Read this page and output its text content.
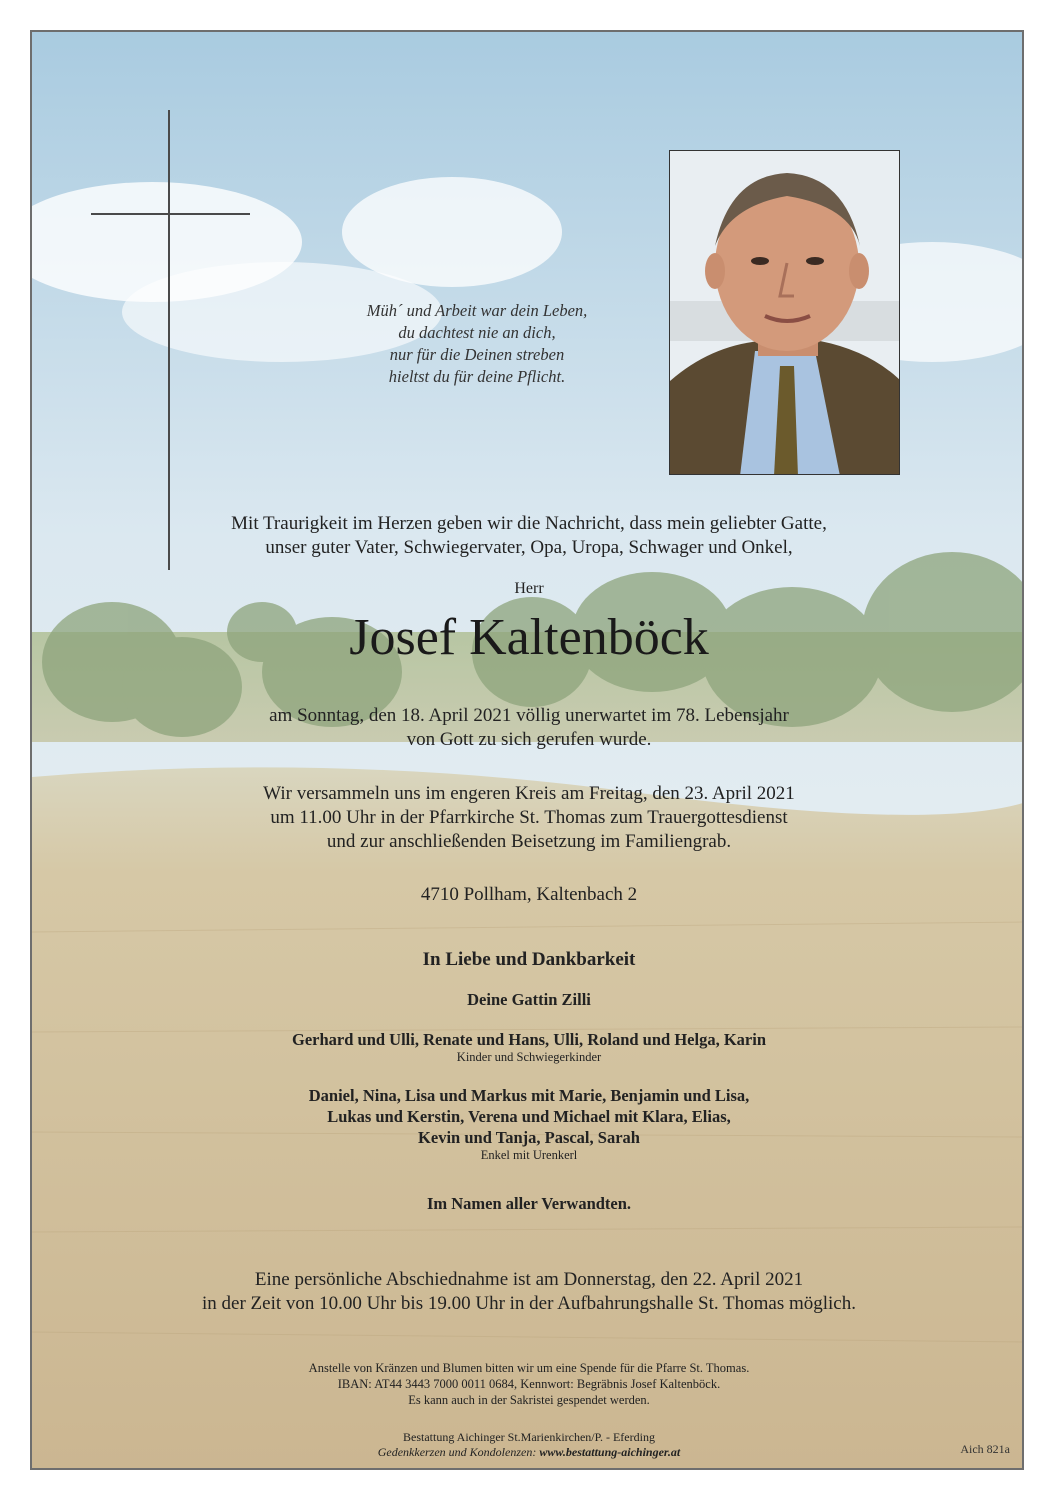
Müh´ und Arbeit war dein Leben,
du dachtest nie an dich,
nur für die Deinen streben
hieltst du für deine Pflicht.
Mit Traurigkeit im Herzen geben wir die Nachricht, dass mein geliebter Gatte,
unser guter Vater, Schwiegervater, Opa, Uropa, Schwager und Onkel,
Herr
Josef Kaltenböck
am Sonntag, den 18. April 2021 völlig unerwartet im 78. Lebensjahr
von Gott zu sich gerufen wurde.
Wir versammeln uns im engeren Kreis am Freitag, den 23. April 2021
um 11.00 Uhr in der Pfarrkirche St. Thomas zum Trauergottesdienst
und zur anschließenden Beisetzung im Familiengrab.
4710 Pollham, Kaltenbach 2
In Liebe und Dankbarkeit
Deine Gattin Zilli
Gerhard und Ulli, Renate und Hans, Ulli, Roland und Helga, Karin
Kinder und Schwiegerkinder
Daniel, Nina, Lisa und Markus mit Marie, Benjamin und Lisa,
Lukas und Kerstin, Verena und Michael mit Klara, Elias,
Kevin und Tanja, Pascal, Sarah
Enkel mit Urenkerl
Im Namen aller Verwandten.
Eine persönliche Abschiednahme ist am Donnerstag, den 22. April 2021
in der Zeit von 10.00 Uhr bis 19.00 Uhr in der Aufbahrungshalle St. Thomas möglich.
Anstelle von Kränzen und Blumen bitten wir um eine Spende für die Pfarre St. Thomas.
IBAN: AT44 3443 7000 0011 0684, Kennwort: Begräbnis Josef Kaltenböck.
Es kann auch in der Sakristei gespendet werden.
Bestattung Aichinger St.Marienkirchen/P. - Eferding
Gedenkkerzen und Kondolenzen: www.bestattung-aichinger.at	Aich 821a
